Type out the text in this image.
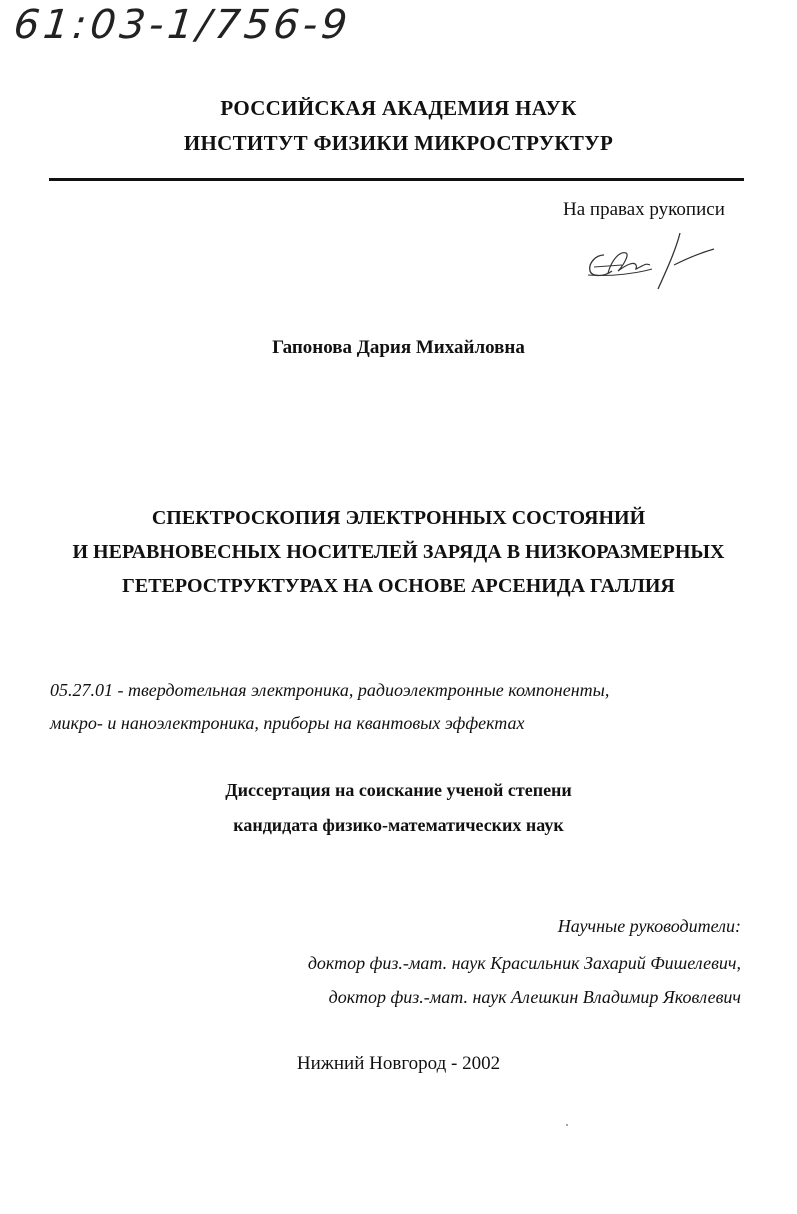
61:03-1/756-9
РОССИЙСКАЯ АКАДЕМИЯ НАУК
ИНСТИТУТ ФИЗИКИ МИКРОСТРУКТУР
На правах рукописи
Гапонова Дария Михайловна
СПЕКТРОСКОПИЯ ЭЛЕКТРОННЫХ СОСТОЯНИЙ
И НЕРАВНОВЕСНЫХ НОСИТЕЛЕЙ ЗАРЯДА В НИЗКОРАЗМЕРНЫХ
ГЕТЕРОСТРУКТУРАХ НА ОСНОВЕ АРСЕНИДА ГАЛЛИЯ
05.27.01 - твердотельная электроника, радиоэлектронные компоненты,
микро- и наноэлектроника, приборы на квантовых эффектах
Диссертация на соискание ученой степени
кандидата физико-математических наук
Научные руководители:
доктор физ.-мат. наук Красильник Захарий Фишелевич,
доктор физ.-мат. наук Алешкин Владимир Яковлевич
Нижний Новгород - 2002
